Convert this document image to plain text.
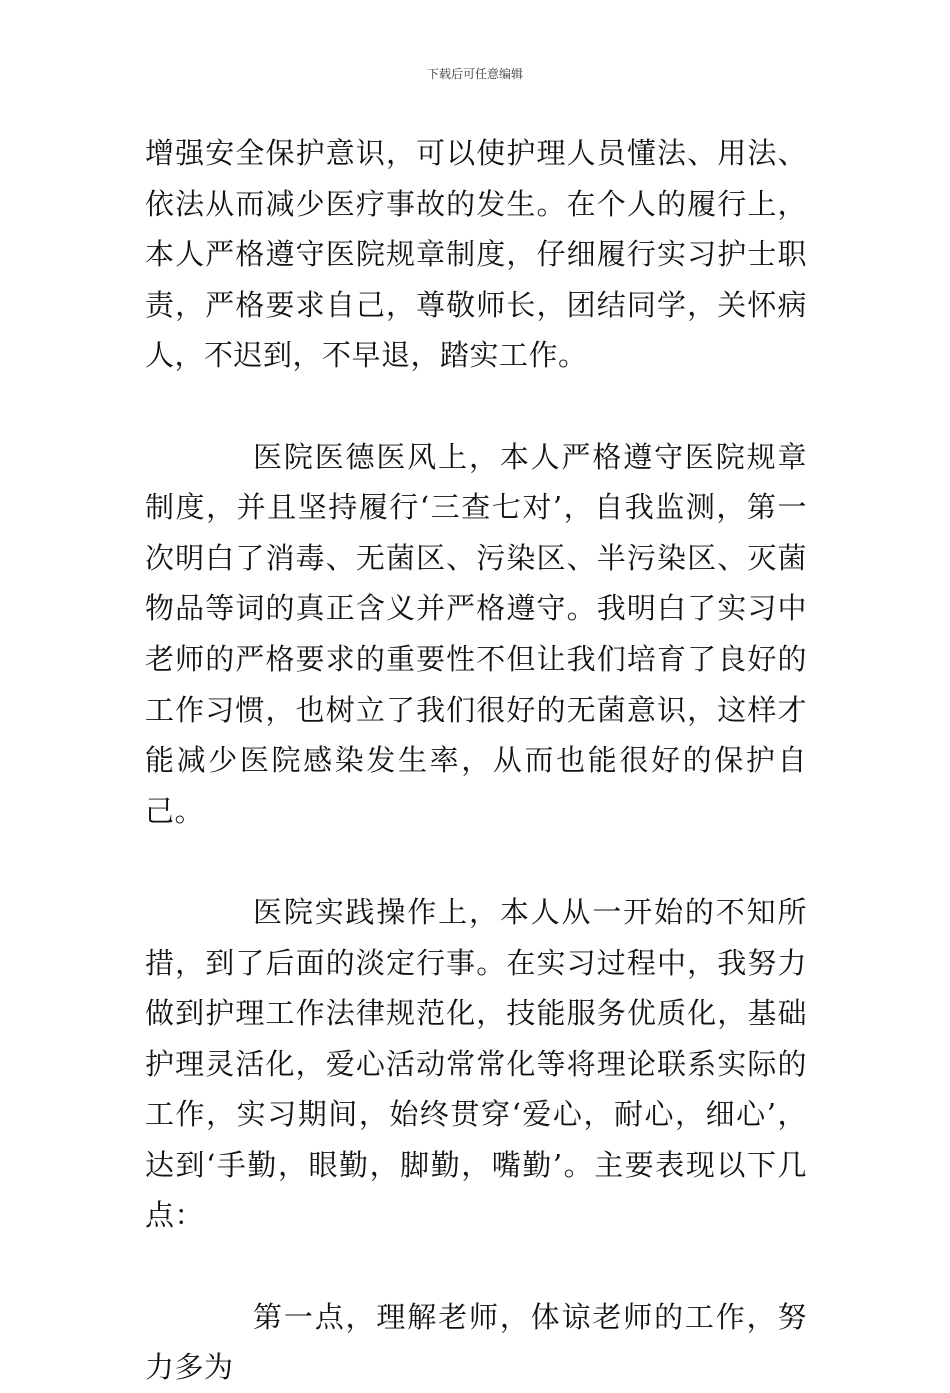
下载后可任意编辑

增强安全保护意识，可以使护理人员懂法、用法、依法从而减少医疗事故的发生。在个人的履行上，本人严格遵守医院规章制度，仔细履行实习护士职责，严格要求自己，尊敬师长，团结同学，关怀病人，不迟到，不早退，踏实工作。

医院医德医风上，本人严格遵守医院规章制度，并且坚持履行‘三查七对’，自我监测，第一次明白了消毒、无菌区、污染区、半污染区、灭菌物品等词的真正含义并严格遵守。我明白了实习中老师的严格要求的重要性不但让我们培育了良好的工作习惯，也树立了我们很好的无菌意识，这样才能减少医院感染发生率，从而也能很好的保护自己。

医院实践操作上，本人从一开始的不知所措，到了后面的淡定行事。在实习过程中，我努力做到护理工作法律规范化，技能服务优质化，基础护理灵活化，爱心活动常常化等将理论联系实际的工作，实习期间，始终贯穿‘爱心，耐心，细心’，达到‘手勤，眼勤，脚勤，嘴勤’。主要表现以下几点：

第一点，理解老师，体谅老师的工作，努力多为
